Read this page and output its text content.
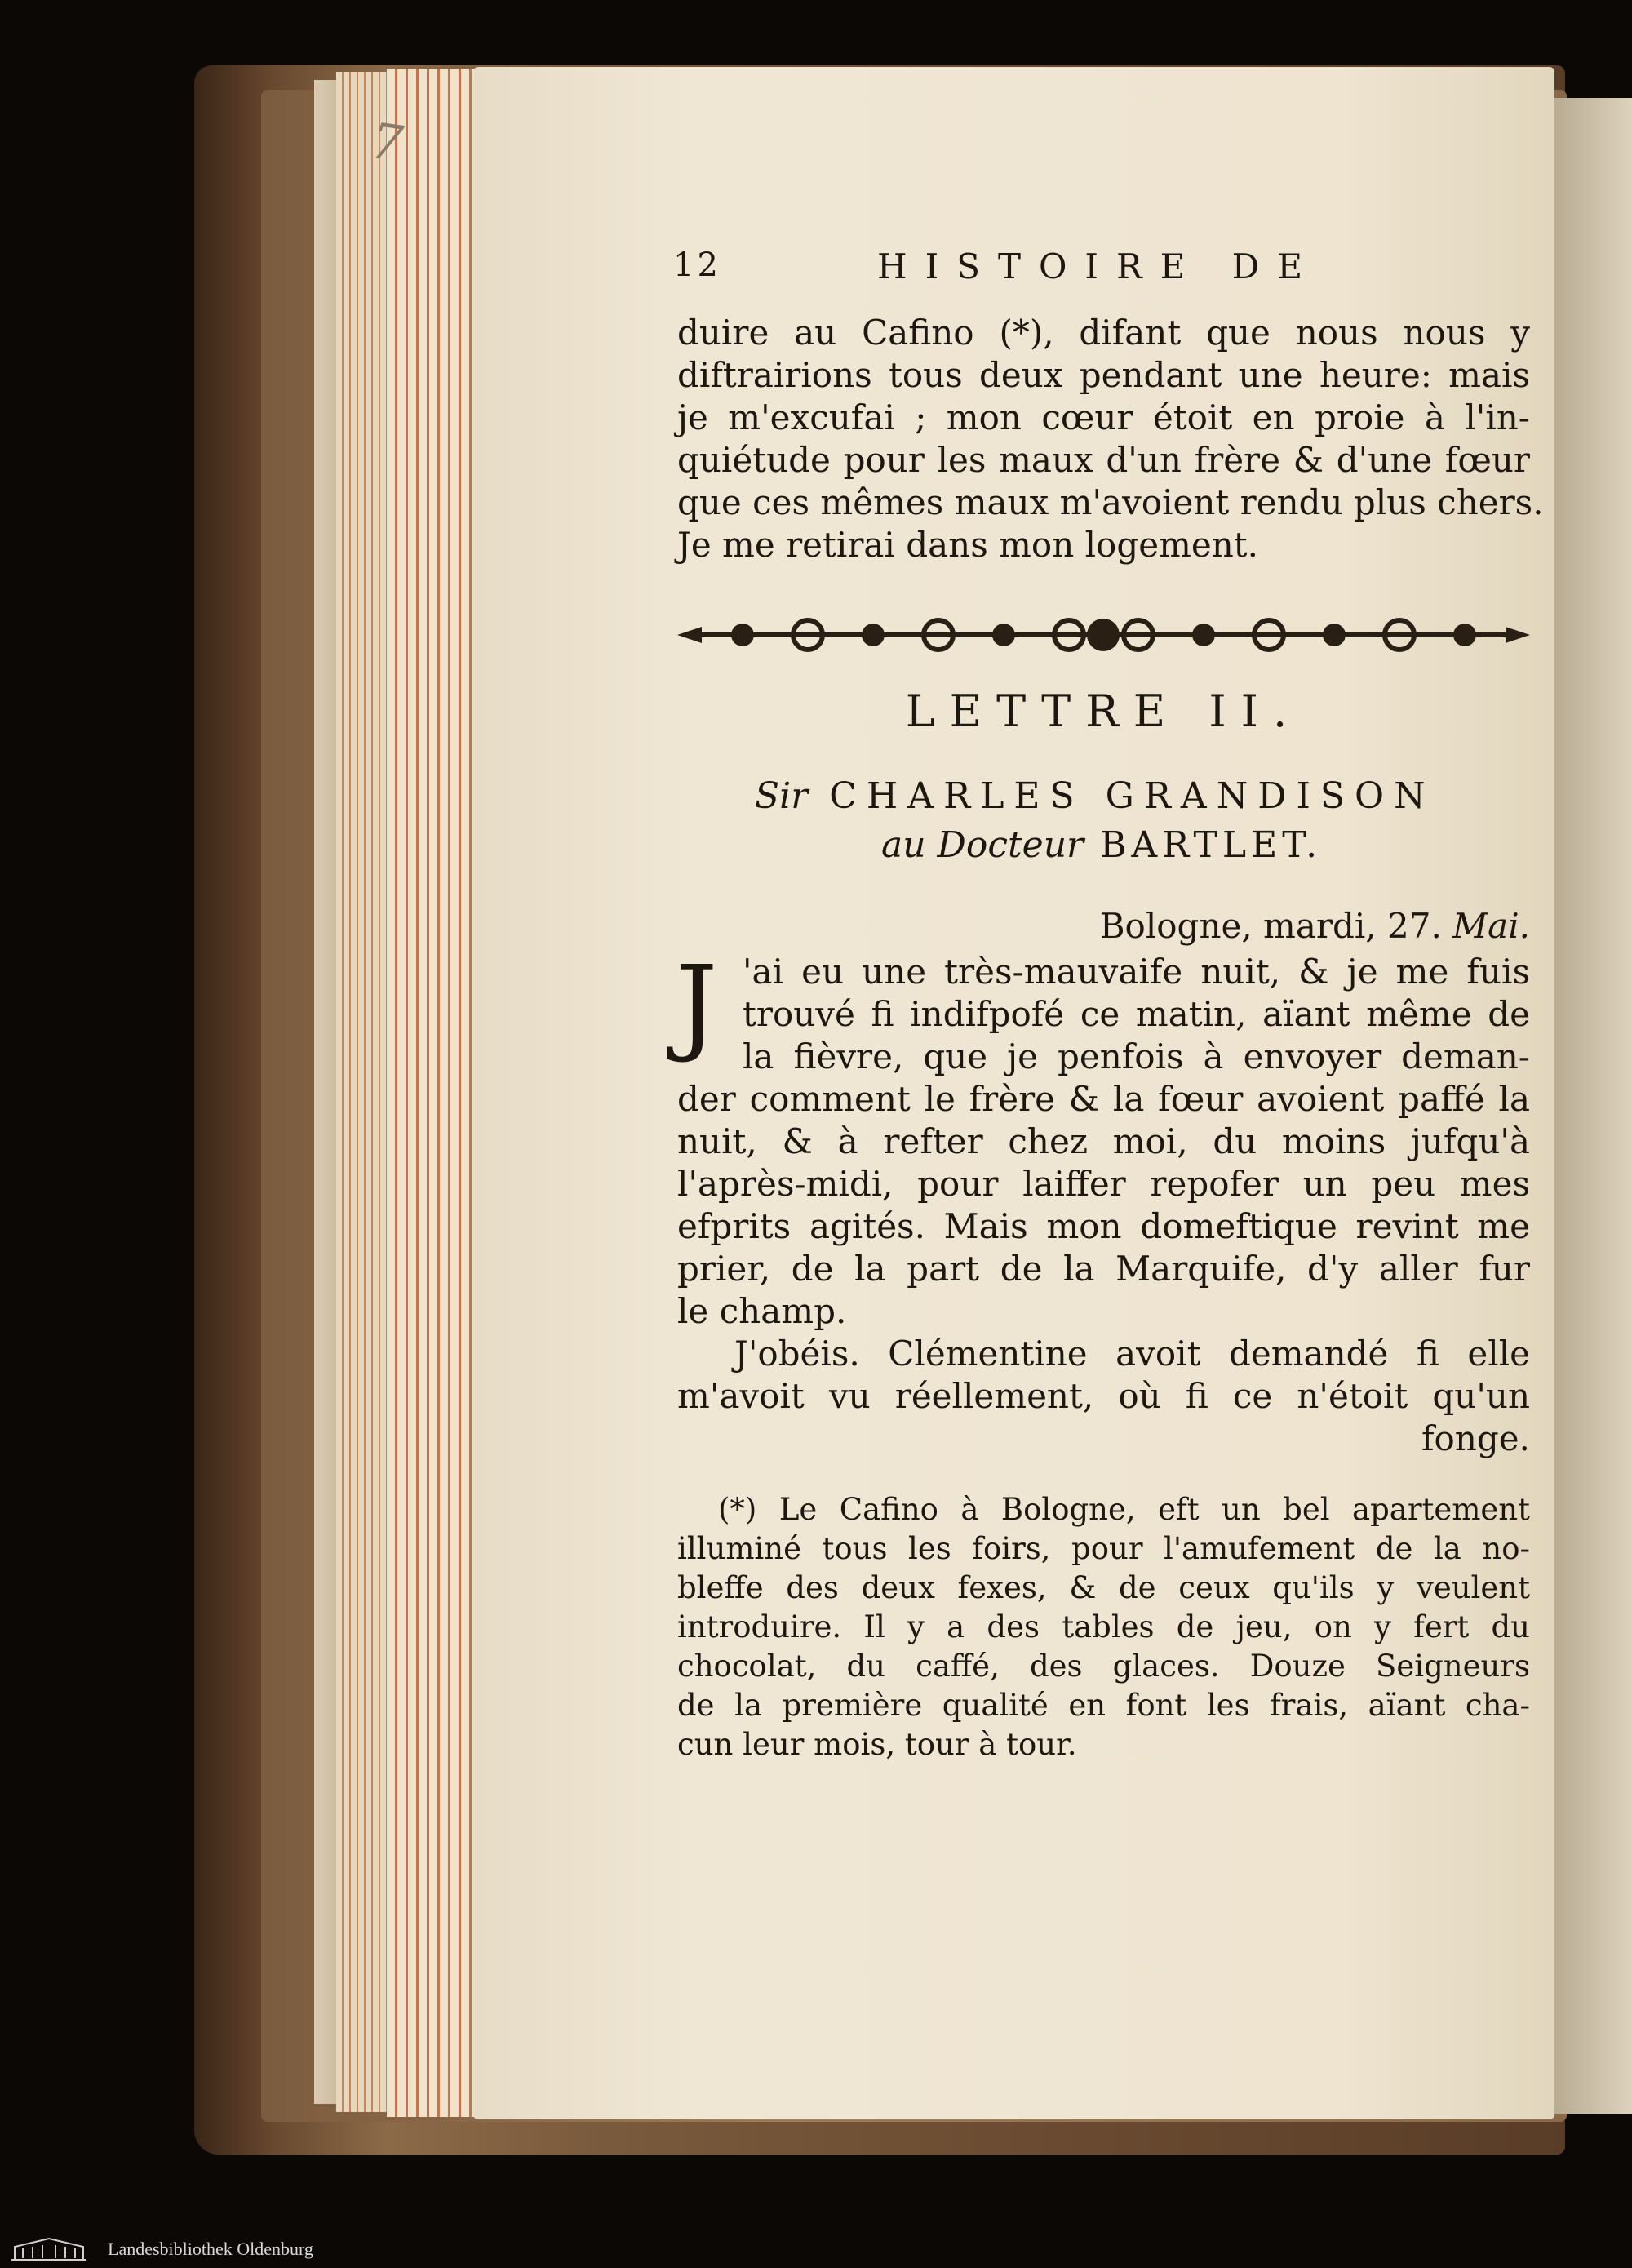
7
12	HISTOIRE DE
duire au Cafino (*), difant que nous nous y
diftrairions tous deux pendant une heure: mais
je m'excufai ; mon cœur étoit en proie à l'in-
quiétude pour les maux d'un frère & d'une fœur
que ces mêmes maux m'avoient rendu plus chers.
Je me retirai dans mon logement.
LETTRE II.
Sir CHARLES GRANDISON
au Docteur BARTLET.
Bologne, mardi, 27. Mai.
J 'ai eu une très-mauvaife nuit, & je me fuis
trouvé fi indifpofé ce matin, aïant même de
la fièvre, que je penfois à envoyer deman-
der comment le frère & la fœur avoient paffé la
nuit, & à refter chez moi, du moins jufqu'à
l'après-midi, pour laiffer repofer un peu mes
efprits agités. Mais mon domeftique revint me
prier, de la part de la Marquife, d'y aller fur
le champ.
J'obéis. Clémentine avoit demandé fi elle
m'avoit vu réellement, où fi ce n'étoit qu'un
fonge.
(*) Le Cafino à Bologne, eft un bel apartement
illuminé tous les foirs, pour l'amufement de la no-
bleffe des deux fexes, & de ceux qu'ils y veulent
introduire. Il y a des tables de jeu, on y fert du
chocolat, du caffé, des glaces. Douze Seigneurs
de la première qualité en font les frais, aïant cha-
cun leur mois, tour à tour.
Landesbibliothek Oldenburg
